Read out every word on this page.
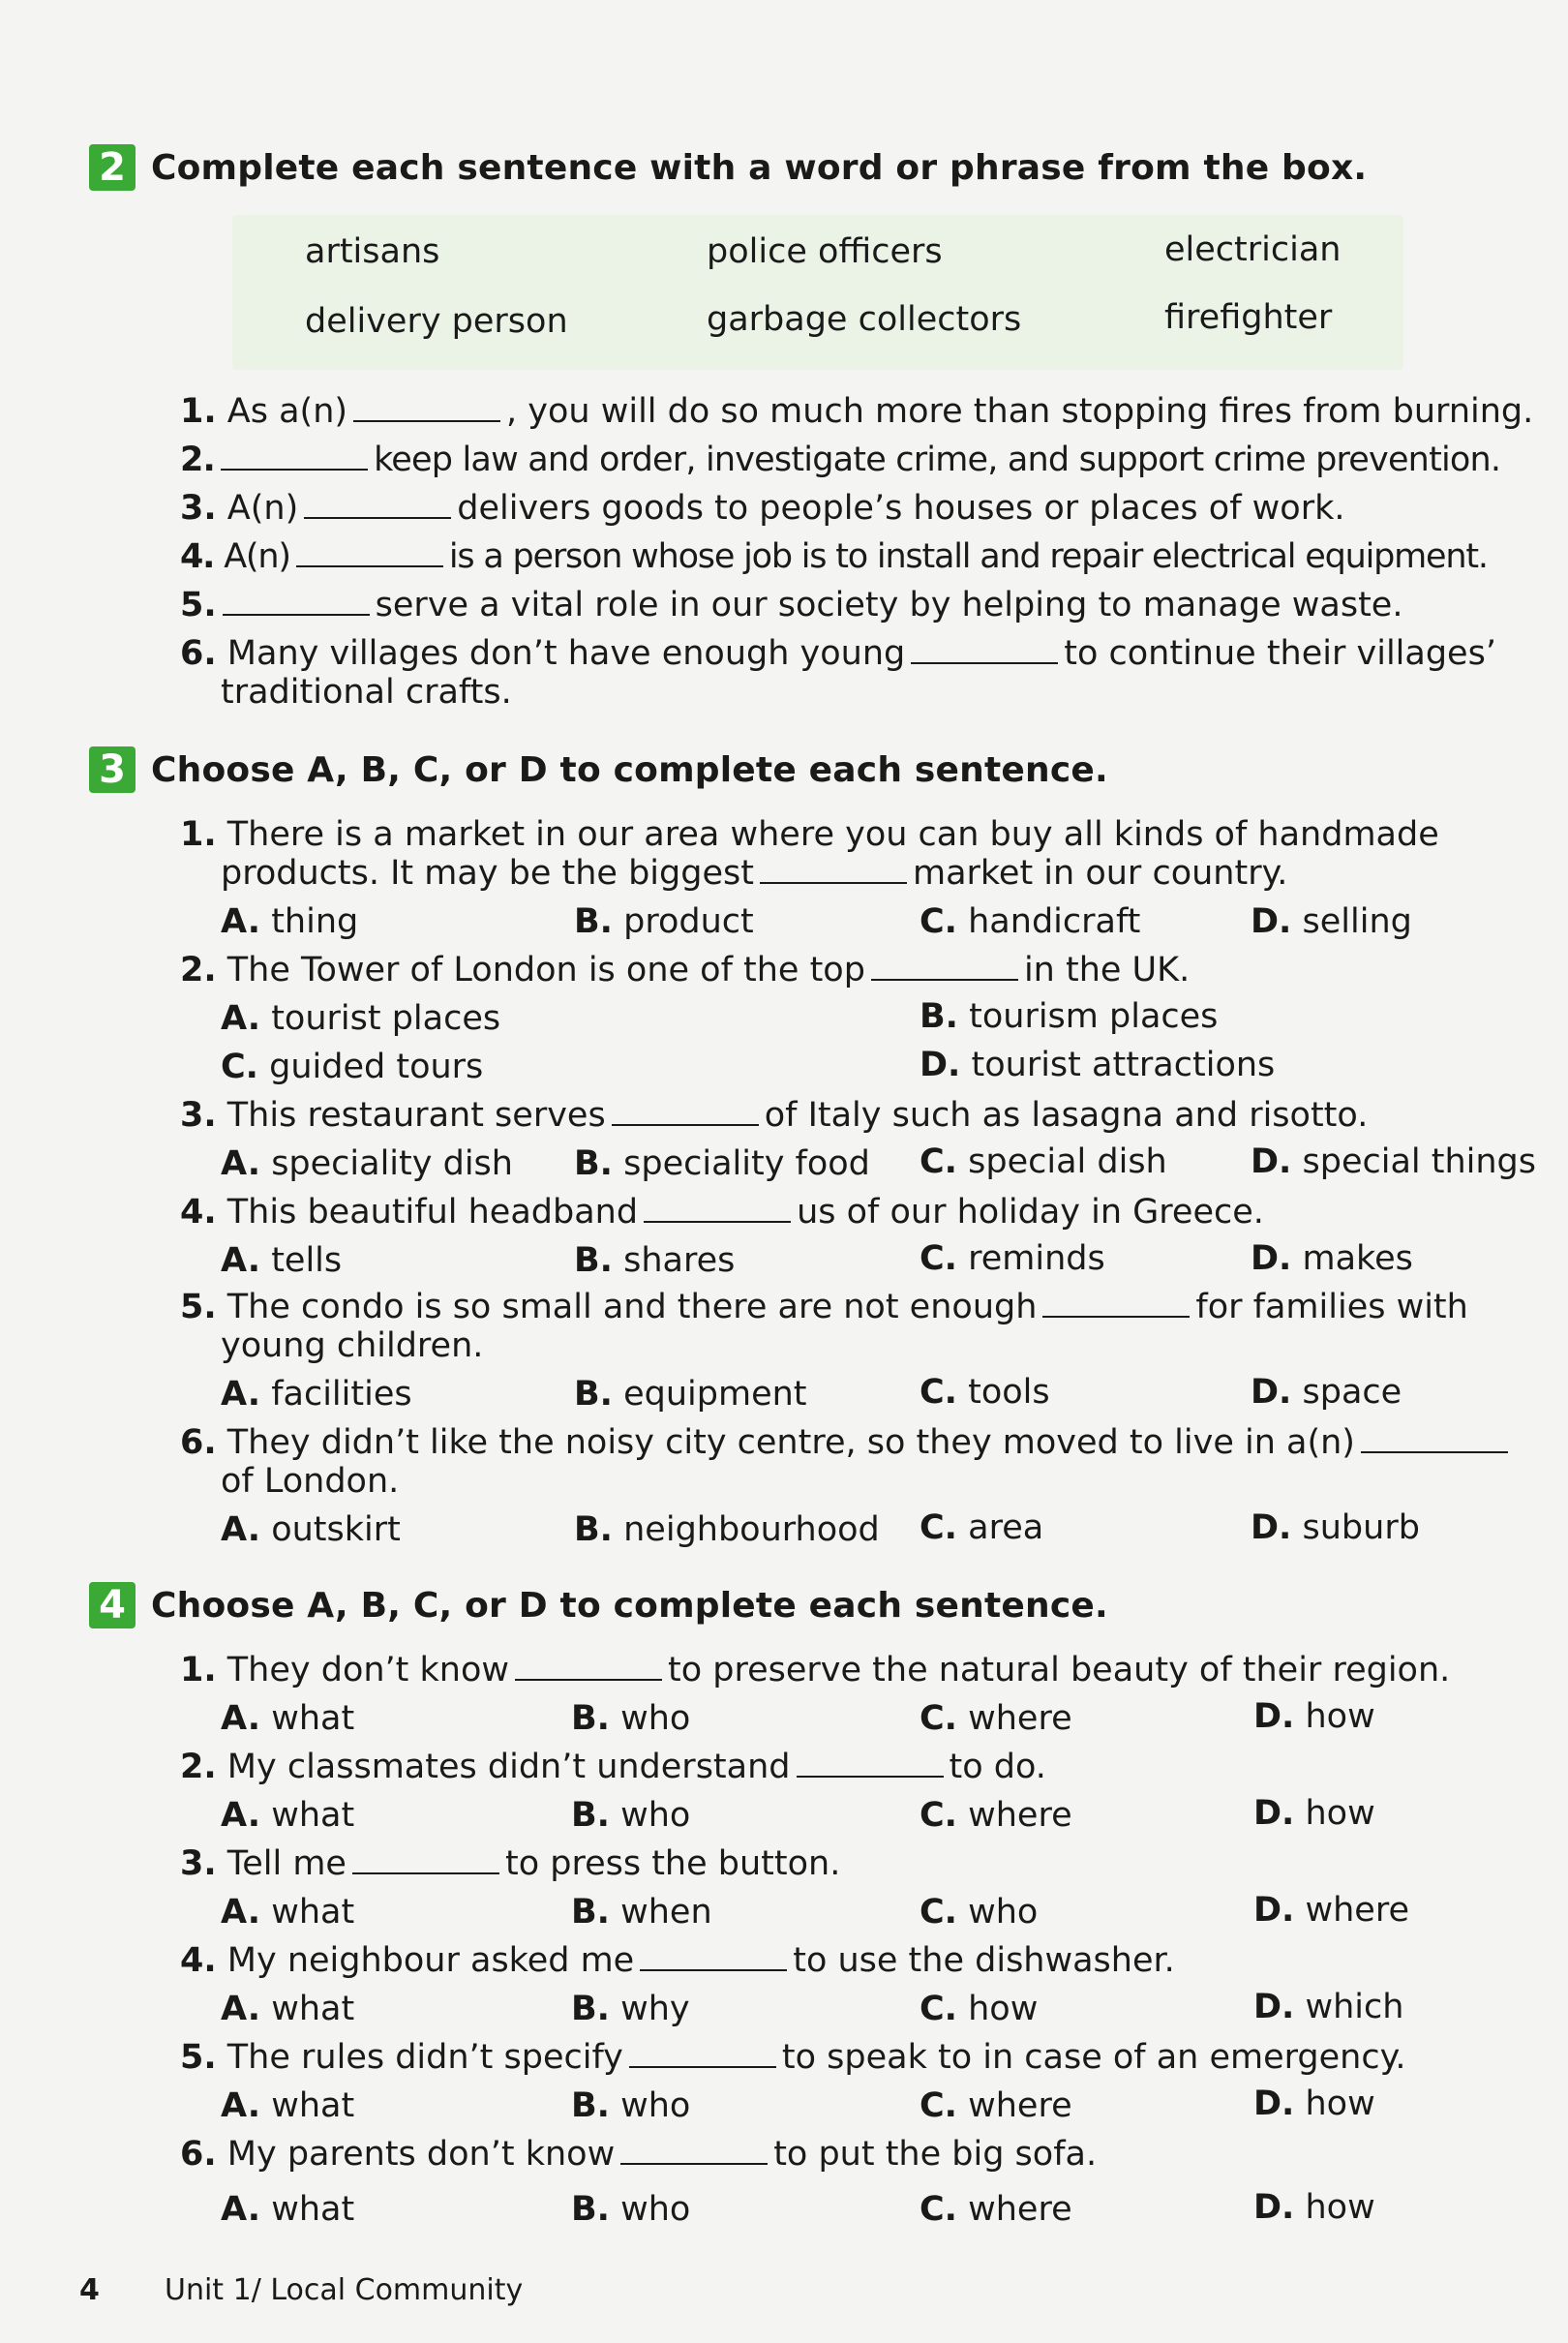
2 Complete each sentence with a word or phrase from the box.
artisans	police officers	electrician
delivery person	garbage collectors	firefighter
1. As a(n)	, you will do so much more than stopping fires from burning.
2.	keep law and order, investigate crime, and support crime prevention.
3. A(n)	delivers goods to people’s houses or places of work.
4. A(n)	is a person whose job is to install and repair electrical equipment.
5.	serve a vital role in our society by helping to manage waste.
6. Many villages don’t have enough young	to continue their villages’
traditional crafts.
3 Choose A, B, C, or D to complete each sentence.
1. There is a market in our area where you can buy all kinds of handmade
products. It may be the biggest	market in our country.
A. thing	B. product	C. handicraft	D. selling
2. The Tower of London is one of the top	in the UK.
A. tourist places	B. tourism places
C. guided tours	D. tourist attractions
3. This restaurant serves	of Italy such as lasagna and risotto.
A. speciality dish B. speciality food C. special dish D. special things
4. This beautiful headband	us of our holiday in Greece.
A. tells	B. shares	C. reminds	D. makes
5. The condo is so small and there are not enough	for families with
young children.
A. facilities	B. equipment	C. tools	D. space
6. They didn’t like the noisy city centre, so they moved to live in a(n)
of London.
A. outskirt	B. neighbourhood C. area	D. suburb
4 Choose A, B, C, or D to complete each sentence.
1. They don’t know	to preserve the natural beauty of their region.
A. what	B. who	C. where	D. how
2. My classmates didn’t understand	to do.
A. what	B. who	C. where	D. how
3. Tell me	to press the button.
A. what	B. when	C. who	D. where
4. My neighbour asked me	to use the dishwasher.
A. what	B. why	C. how	D. which
5. The rules didn’t specify	to speak to in case of an emergency.
A. what	B. who	C. where	D. how
6. My parents don’t know	to put the big sofa.
A. what	B. who	C. where	D. how
4 Unit 1/ Local Community
